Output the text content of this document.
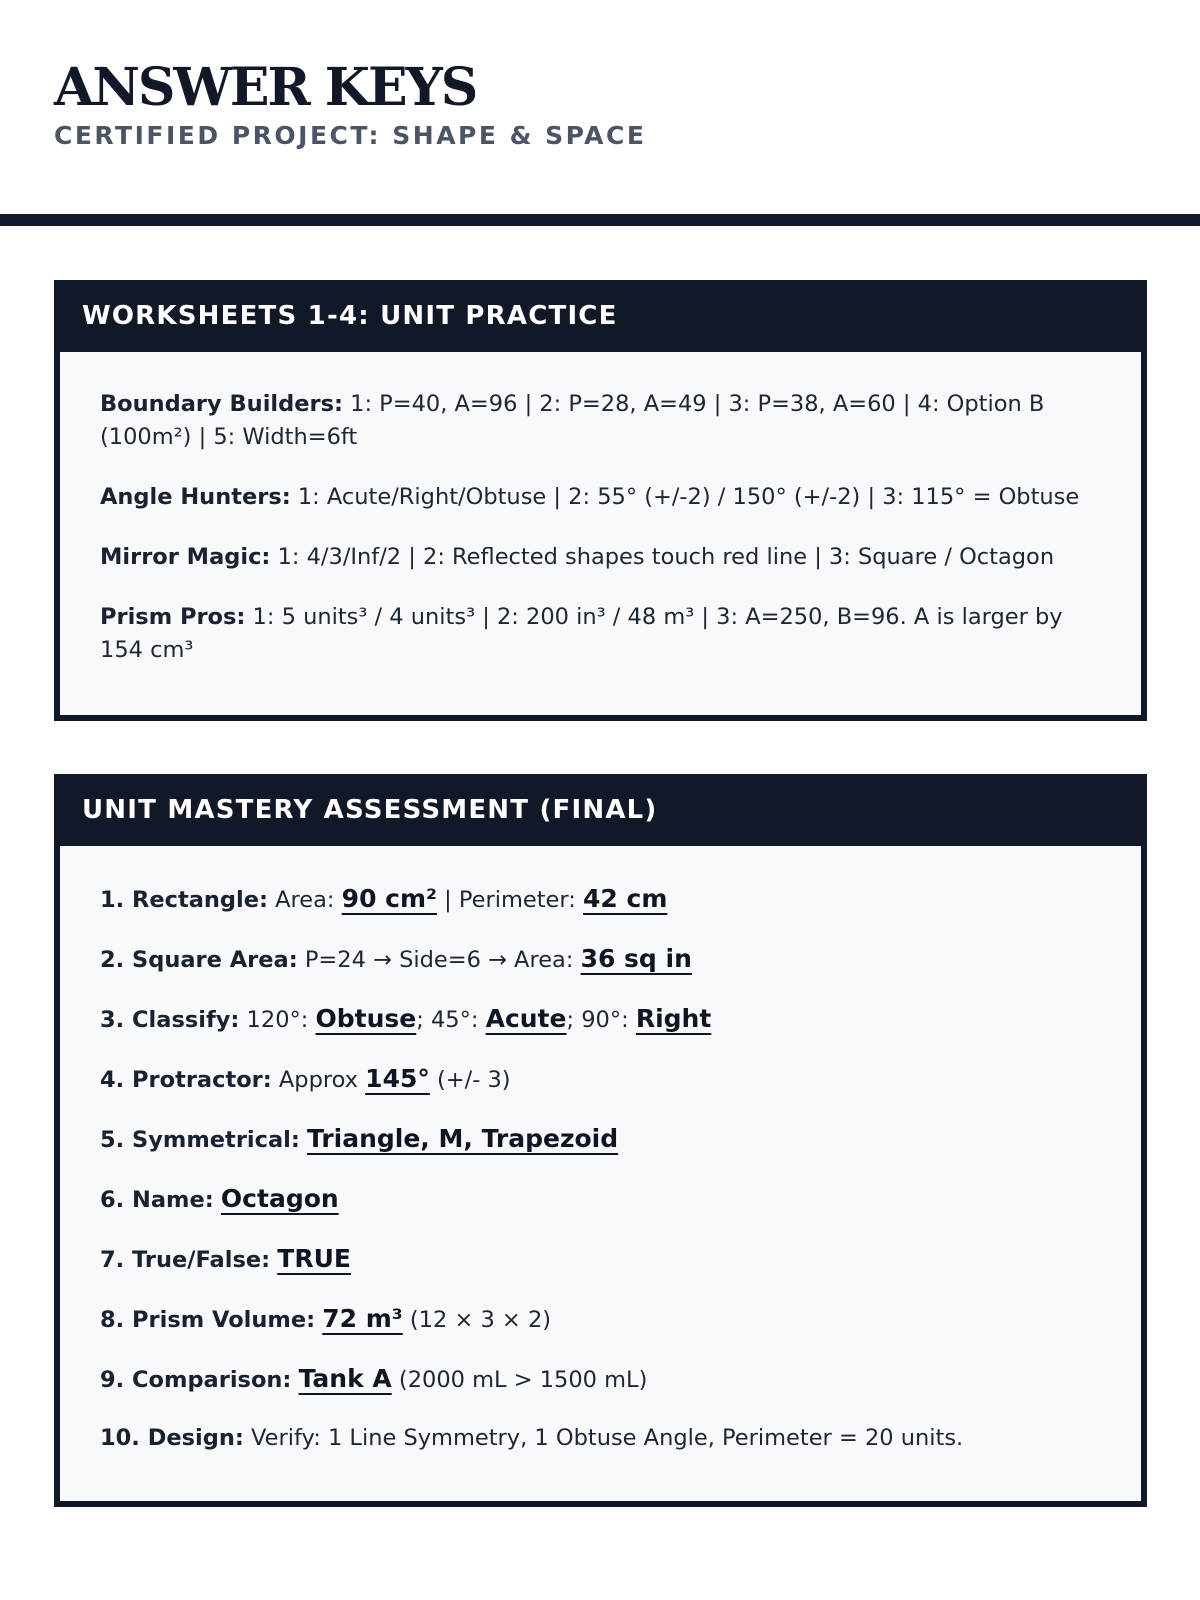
ANSWER KEYS
CERTIFIED PROJECT: SHAPE & SPACE
WORKSHEETS 1-4: UNIT PRACTICE
Boundary Builders: 1: P=40, A=96 | 2: P=28, A=49 | 3: P=38, A=60 | 4: Option B (100m²) | 5: Width=6ft
Angle Hunters: 1: Acute/Right/Obtuse | 2: 55° (+/-2) / 150° (+/-2) | 3: 115° = Obtuse
Mirror Magic: 1: 4/3/Inf/2 | 2: Reflected shapes touch red line | 3: Square / Octagon
Prism Pros: 1: 5 units³ / 4 units³ | 2: 200 in³ / 48 m³ | 3: A=250, B=96. A is larger by 154 cm³
UNIT MASTERY ASSESSMENT (FINAL)
1. Rectangle: Area: 90 cm² | Perimeter: 42 cm
2. Square Area: P=24 → Side=6 → Area: 36 sq in
3. Classify: 120°: Obtuse; 45°: Acute; 90°: Right
4. Protractor: Approx 145° (+/- 3)
5. Symmetrical: Triangle, M, Trapezoid
6. Name: Octagon
7. True/False: TRUE
8. Prism Volume: 72 m³ (12 × 3 × 2)
9. Comparison: Tank A (2000 mL > 1500 mL)
10. Design: Verify: 1 Line Symmetry, 1 Obtuse Angle, Perimeter = 20 units.
